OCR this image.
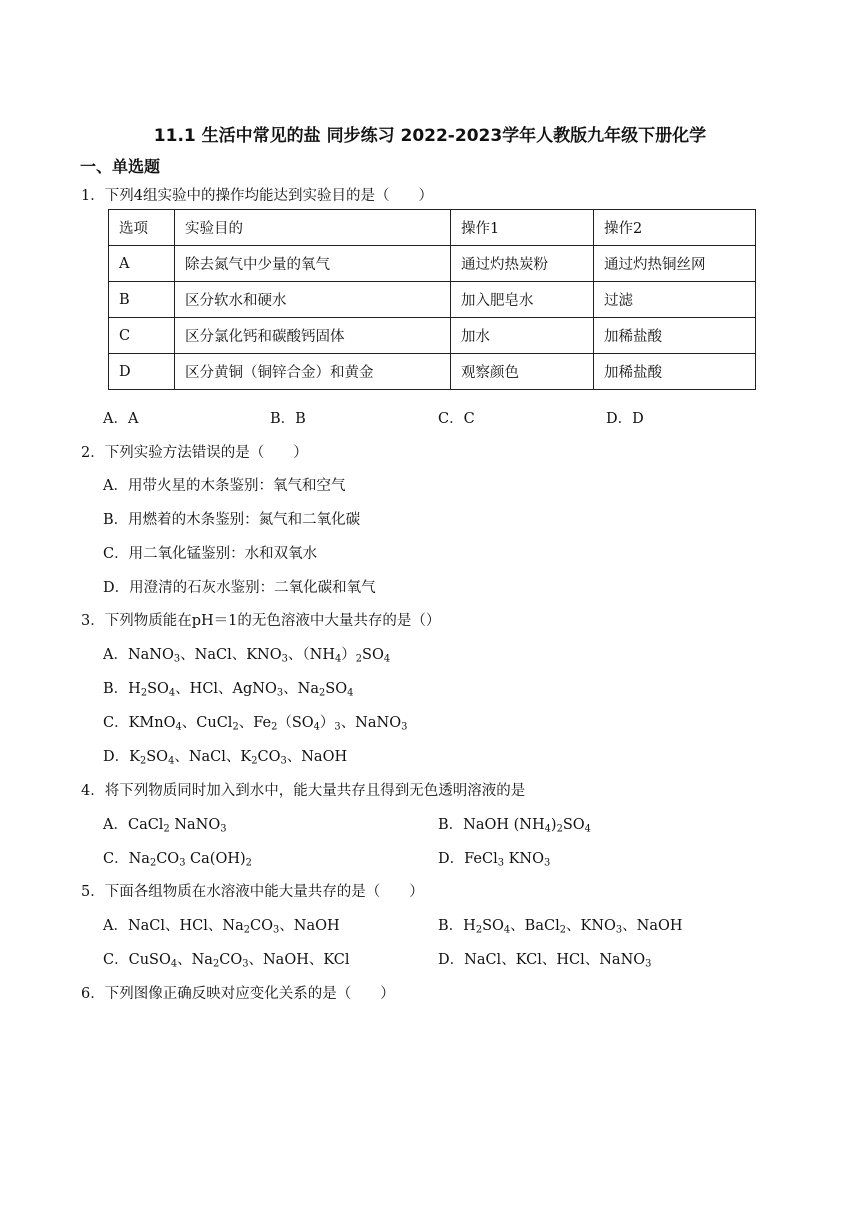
11.1 生活中常见的盐 同步练习 2022-2023学年人教版九年级下册化学
一、单选题
1．下列4组实验中的操作均能达到实验目的是（　　）
选项	实验目的	操作1	操作2
A	除去氮气中少量的氧气	通过灼热炭粉	通过灼热铜丝网
B	区分软水和硬水	加入肥皂水	过滤
C	区分氯化钙和碳酸钙固体	加水	加稀盐酸
D	区分黄铜（铜锌合金）和黄金	观察颜色	加稀盐酸
A．A	B．B	C．C	D．D
2．下列实验方法错误的是（　　）
A．用带火星的木条鉴别：氧气和空气
B．用燃着的木条鉴别：氮气和二氧化碳
C．用二氧化锰鉴别：水和双氧水
D．用澄清的石灰水鉴别：二氧化碳和氧气
3．下列物质能在pH＝1的无色溶液中大量共存的是（）
A．NaNO$_3$、NaCl、$KNO_3$、$(NH_4)_2SO_4$
B．$H_2SO_4$、HCl、AgNO$_3$、$Na_2SO_4$
C．KMnO$_4$、CuCl$_2$、$Fe_2(SO_4)_3$、NaNO$_3$
D．$K_2SO_4$、NaCl、$K_2CO_3$、NaOH
4．将下列物质同时加入到水中，能大量共存且得到无色透明溶液的是
A．CaCl$_2$ NaNO$_3$	B．NaOH $(NH_4)_2SO_4$
C．$Na_2CO_3$ $Ca(OH)_2$	D．FeCl$_3$ $KNO_3$
5．下面各组物质在水溶液中能大量共存的是（　　）
A．NaCl、HCl、$Na_2CO_3$、NaOH	B．$H_2SO_4$、BaCl$_2$、$KNO_3$、NaOH
C．CuSO$_4$、$Na_2CO_3$、NaOH、KCl	D．NaCl、KCl、HCl、NaNO$_3$
6．下列图像正确反映对应变化关系的是（　　）
